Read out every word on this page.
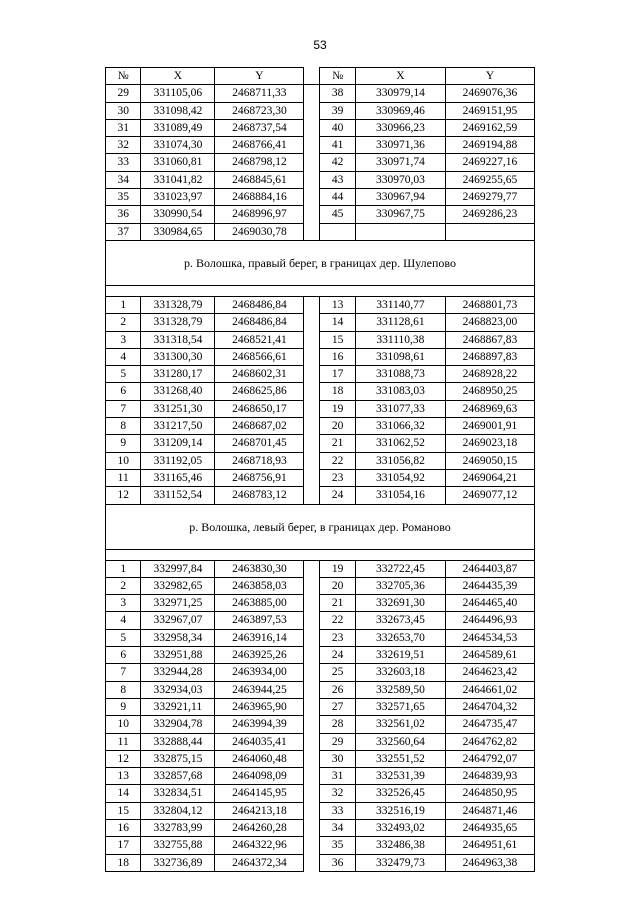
53
№	X	Y		№	X	Y
29	331105,06	2468711,33		38	330979,14	2469076,36
30	331098,42	2468723,30		39	330969,46	2469151,95
31	331089,49	2468737,54		40	330966,23	2469162,59
32	331074,30	2468766,41		41	330971,36	2469194,88
33	331060,81	2468798,12		42	330971,74	2469227,16
34	331041,82	2468845,61		43	330970,03	2469255,65
35	331023,97	2468884,16		44	330967,94	2469279,77
36	330990,54	2468996,97		45	330967,75	2469286,23
37	330984,65	2469030,78				
р. Волошка, правый берег, в границах дер. Шулепово						

1	331328,79	2468486,84		13	331140,77	2468801,73
2	331328,79	2468486,84		14	331128,61	2468823,00
3	331318,54	2468521,41		15	331110,38	2468867,83
4	331300,30	2468566,61		16	331098,61	2468897,83
5	331280,17	2468602,31		17	331088,73	2468928,22
6	331268,40	2468625,86		18	331083,03	2468950,25
7	331251,30	2468650,17		19	331077,33	2468969,63
8	331217,50	2468687,02		20	331066,32	2469001,91
9	331209,14	2468701,45		21	331062,52	2469023,18
10	331192,05	2468718,93		22	331056,82	2469050,15
11	331165,46	2468756,91		23	331054,92	2469064,21
12	331152,54	2468783,12		24	331054,16	2469077,12
р. Волошка, левый берег, в границах дер. Романово						

1	332997,84	2463830,30		19	332722,45	2464403,87
2	332982,65	2463858,03		20	332705,36	2464435,39
3	332971,25	2463885,00		21	332691,30	2464465,40
4	332967,07	2463897,53		22	332673,45	2464496,93
5	332958,34	2463916,14		23	332653,70	2464534,53
6	332951,88	2463925,26		24	332619,51	2464589,61
7	332944,28	2463934,00		25	332603,18	2464623,42
8	332934,03	2463944,25		26	332589,50	2464661,02
9	332921,11	2463965,90		27	332571,65	2464704,32
10	332904,78	2463994,39		28	332561,02	2464735,47
11	332888,44	2464035,41		29	332560,64	2464762,82
12	332875,15	2464060,48		30	332551,52	2464792,07
13	332857,68	2464098,09		31	332531,39	2464839,93
14	332834,51	2464145,95		32	332526,45	2464850,95
15	332804,12	2464213,18		33	332516,19	2464871,46
16	332783,99	2464260,28		34	332493,02	2464935,65
17	332755,88	2464322,96		35	332486,38	2464951,61
18	332736,89	2464372,34		36	332479,73	2464963,38
